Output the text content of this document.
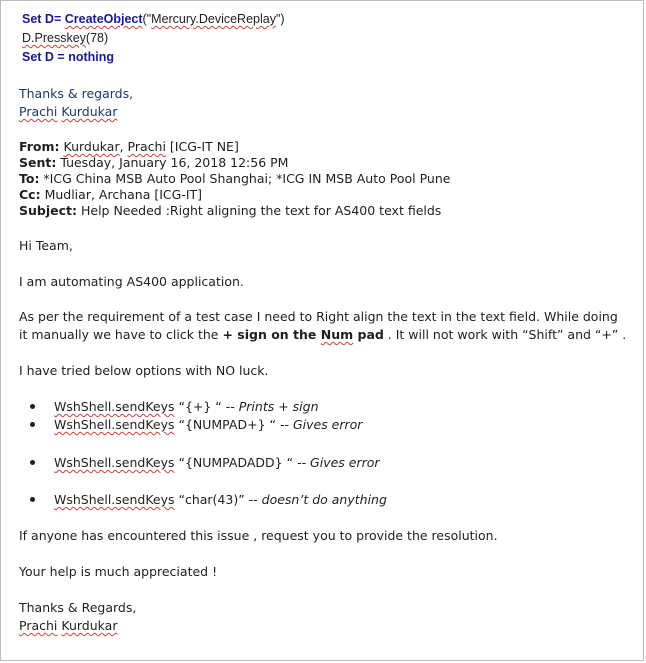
Set D= CreateObject("Mercury.DeviceReplay")
D.Presskey(78)
Set D = nothing
Thanks & regards,
Prachi Kurdukar
From: Kurdukar, Prachi [ICG-IT NE]
Sent: Tuesday, January 16, 2018 12:56 PM
To: *ICG China MSB Auto Pool Shanghai; *ICG IN MSB Auto Pool Pune
Cc: Mudliar, Archana [ICG-IT]
Subject: Help Needed :Right aligning the text for AS400 text fields
Hi Team,
I am automating AS400 application.
As per the requirement of a test case I need to Right align the text in the text field. While doing
it manually we have to click the + sign on the Num pad . It will not work with “Shift” and “+” .
I have tried below options with NO luck.
WshShell.sendKeys “{+} “ -- Prints + sign
WshShell.sendKeys “{NUMPAD+} “ -- Gives error
WshShell.sendKeys “{NUMPADADD} “ -- Gives error
WshShell.sendKeys “char(43)” -- doesn’t do anything
If anyone has encountered this issue , request you to provide the resolution.
Your help is much appreciated !
Thanks & Regards,
Prachi Kurdukar
